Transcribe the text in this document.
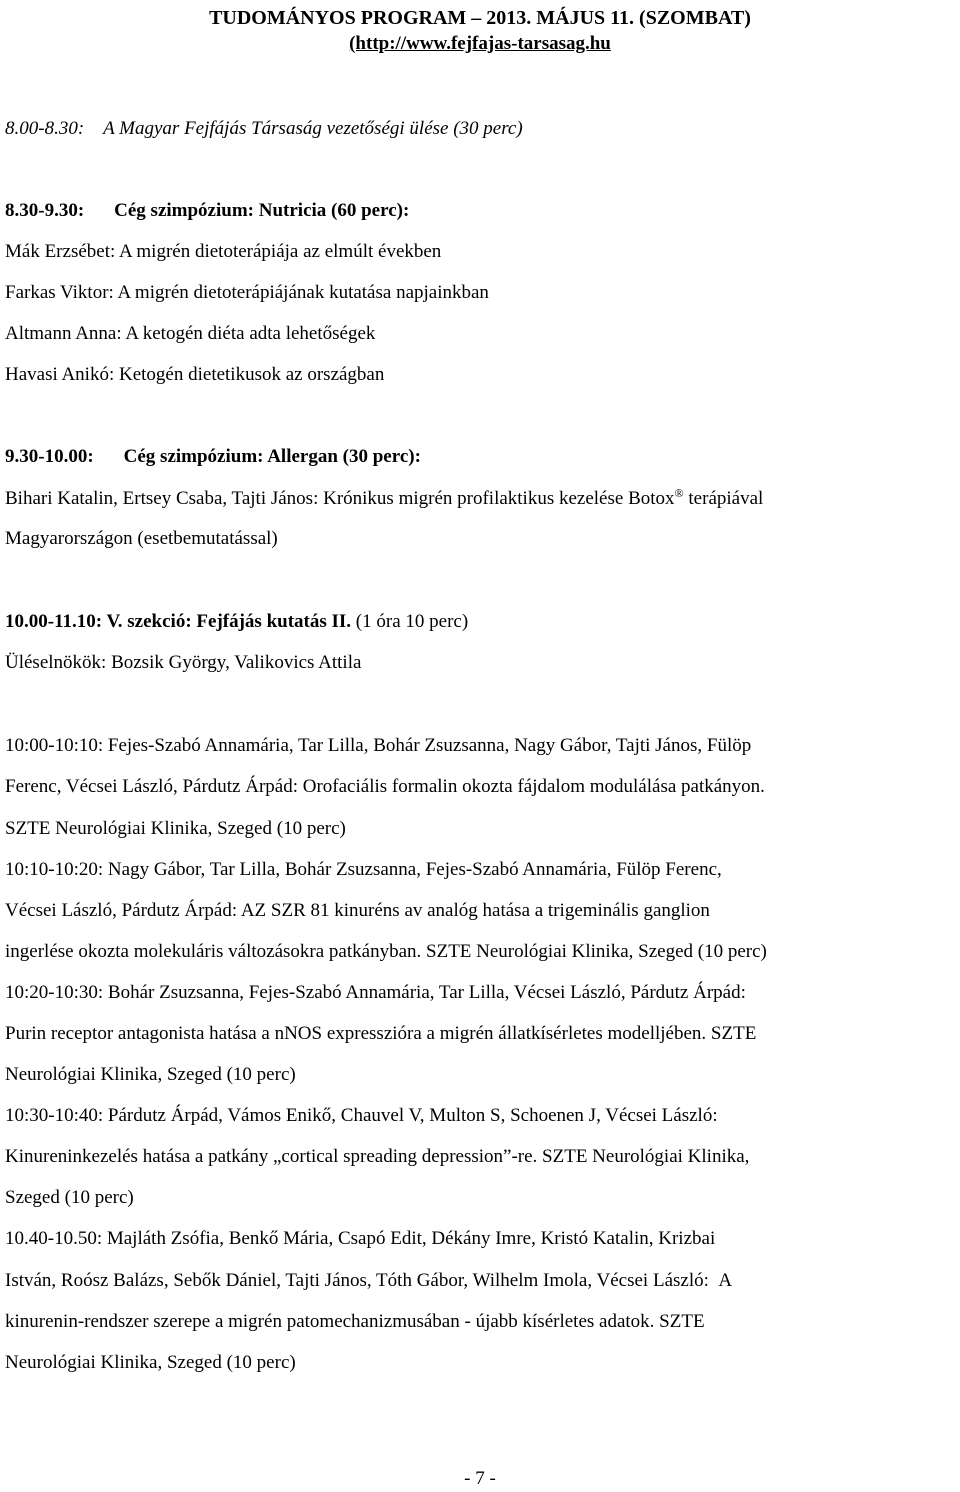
TUDOMÁNYOS PROGRAM – 2013. MÁJUS 11. (SZOMBAT)
(http://www.fejfajas-tarsasag.hu
8.00-8.30:    A Magyar Fejfájás Társaság vezetőségi ülése (30 perc)
8.30-9.30: Cég szimpózium: Nutricia (60 perc):
Mák Erzsébet: A migrén dietoterápiája az elmúlt években
Farkas Viktor: A migrén dietoterápiájának kutatása napjainkban
Altmann Anna: A ketogén diéta adta lehetőségek
Havasi Anikó: Ketogén dietetikusok az országban
9.30-10.00: Cég szimpózium: Allergan (30 perc):
Bihari Katalin, Ertsey Csaba, Tajti János: Krónikus migrén profilaktikus kezelése Botox® terápiával
Magyarországon (esetbemutatással)
10.00-11.10: V. szekció: Fejfájás kutatás II. (1 óra 10 perc)
Üléselnökök: Bozsik György, Valikovics Attila
10:00-10:10: Fejes-Szabó Annamária, Tar Lilla, Bohár Zsuzsanna, Nagy Gábor, Tajti János, Fülöp
Ferenc, Vécsei László, Párdutz Árpád: Orofaciális formalin okozta fájdalom modulálása patkányon.
SZTE Neurológiai Klinika, Szeged (10 perc)
10:10-10:20: Nagy Gábor, Tar Lilla, Bohár Zsuzsanna, Fejes-Szabó Annamária, Fülöp Ferenc,
Vécsei László, Párdutz Árpád: AZ SZR 81 kinuréns av analóg hatása a trigeminális ganglion
ingerlése okozta molekuláris változásokra patkányban. SZTE Neurológiai Klinika, Szeged (10 perc)
10:20-10:30: Bohár Zsuzsanna, Fejes-Szabó Annamária, Tar Lilla, Vécsei László, Párdutz Árpád:
Purin receptor antagonista hatása a nNOS expresszióra a migrén állatkísérletes modelljében. SZTE
Neurológiai Klinika, Szeged (10 perc)
10:30-10:40: Párdutz Árpád, Vámos Enikő, Chauvel V, Multon S, Schoenen J, Vécsei László:
Kinureninkezelés hatása a patkány „cortical spreading depression”-re. SZTE Neurológiai Klinika,
Szeged (10 perc)
10.40-10.50: Majláth Zsófia, Benkő Mária, Csapó Edit, Dékány Imre, Kristó Katalin, Krizbai
István, Roósz Balázs, Sebők Dániel, Tajti János, Tóth Gábor, Wilhelm Imola, Vécsei László:  A
kinurenin-rendszer szerepe a migrén patomechanizmusában - újabb kísérletes adatok. SZTE
Neurológiai Klinika, Szeged (10 perc)
- 7 -
